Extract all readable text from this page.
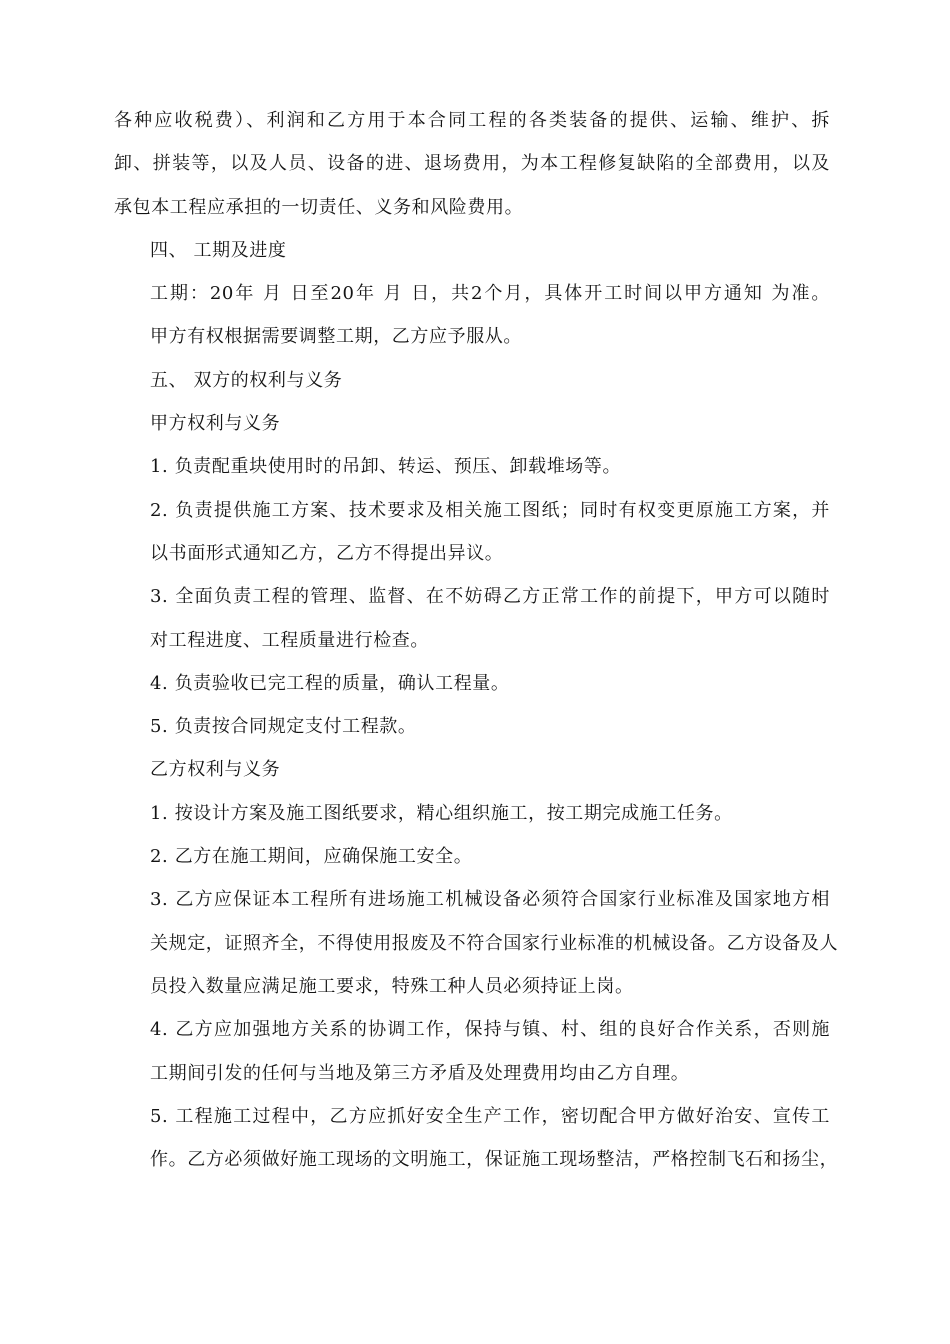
各种应收税费）、利润和乙方用于本合同工程的各类装备的提供、运输、维护、拆
卸、拼装等，以及人员、设备的进、退场费用，为本工程修复缺陷的全部费用，以及
承包本工程应承担的一切责任、义务和风险费用。
四、 工期及进度
工期：20年 月 日至20年 月 日，共2个月，具体开工时间以甲方通知 为准。
甲方有权根据需要调整工期，乙方应予服从。
五、 双方的权利与义务
甲方权利与义务
1. 负责配重块使用时的吊卸、转运、预压、卸载堆场等。
2. 负责提供施工方案、技术要求及相关施工图纸；同时有权变更原施工方案，并
以书面形式通知乙方，乙方不得提出异议。
3. 全面负责工程的管理、监督、在不妨碍乙方正常工作的前提下，甲方可以随时
对工程进度、工程质量进行检查。
4. 负责验收已完工程的质量，确认工程量。
5. 负责按合同规定支付工程款。
乙方权利与义务
1. 按设计方案及施工图纸要求，精心组织施工，按工期完成施工任务。
2. 乙方在施工期间，应确保施工安全。
3. 乙方应保证本工程所有进场施工机械设备必须符合国家行业标准及国家地方相
关规定，证照齐全，不得使用报废及不符合国家行业标准的机械设备。乙方设备及人
员投入数量应满足施工要求，特殊工种人员必须持证上岗。
4. 乙方应加强地方关系的协调工作，保持与镇、村、组的良好合作关系，否则施
工期间引发的任何与当地及第三方矛盾及处理费用均由乙方自理。
5. 工程施工过程中，乙方应抓好安全生产工作，密切配合甲方做好治安、宣传工
作。乙方必须做好施工现场的文明施工，保证施工现场整洁，严格控制飞石和扬尘，
